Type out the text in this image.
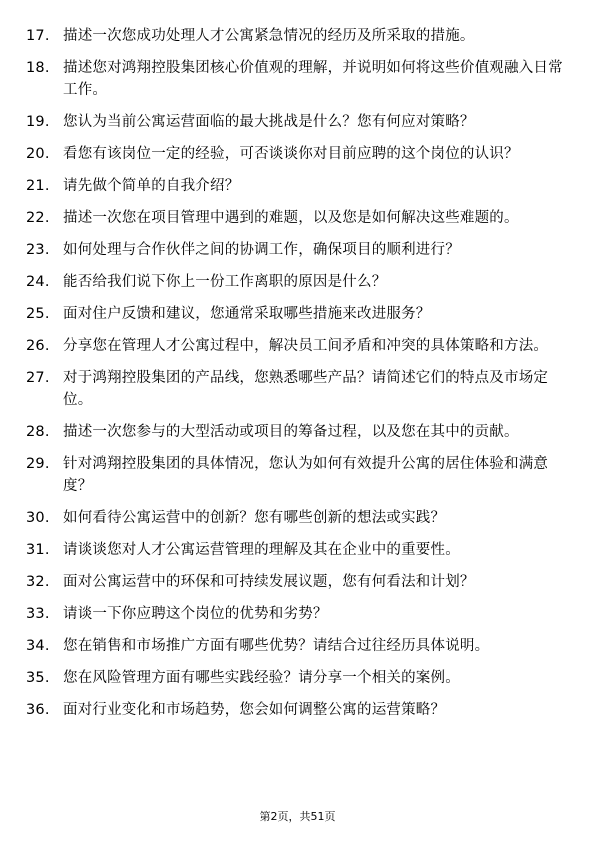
17. 描述一次您成功处理人才公寓紧急情况的经历及所采取的措施。
18. 描述您对鸿翔控股集团核心价值观的理解，并说明如何将这些价值观融入日常工作。
19. 您认为当前公寓运营面临的最大挑战是什么？您有何应对策略？
20. 看您有该岗位一定的经验，可否谈谈你对目前应聘的这个岗位的认识？
21. 请先做个简单的自我介绍？
22. 描述一次您在项目管理中遇到的难题，以及您是如何解决这些难题的。
23. 如何处理与合作伙伴之间的协调工作，确保项目的顺利进行？
24. 能否给我们说下你上一份工作离职的原因是什么？
25. 面对住户反馈和建议，您通常采取哪些措施来改进服务？
26. 分享您在管理人才公寓过程中，解决员工间矛盾和冲突的具体策略和方法。
27. 对于鸿翔控股集团的产品线，您熟悉哪些产品？请简述它们的特点及市场定位。
28. 描述一次您参与的大型活动或项目的筹备过程，以及您在其中的贡献。
29. 针对鸿翔控股集团的具体情况，您认为如何有效提升公寓的居住体验和满意度？
30. 如何看待公寓运营中的创新？您有哪些创新的想法或实践？
31. 请谈谈您对人才公寓运营管理的理解及其在企业中的重要性。
32. 面对公寓运营中的环保和可持续发展议题，您有何看法和计划？
33. 请谈一下你应聘这个岗位的优势和劣势？
34. 您在销售和市场推广方面有哪些优势？请结合过往经历具体说明。
35. 您在风险管理方面有哪些实践经验？请分享一个相关的案例。
36. 面对行业变化和市场趋势，您会如何调整公寓的运营策略？
第2页，共51页
